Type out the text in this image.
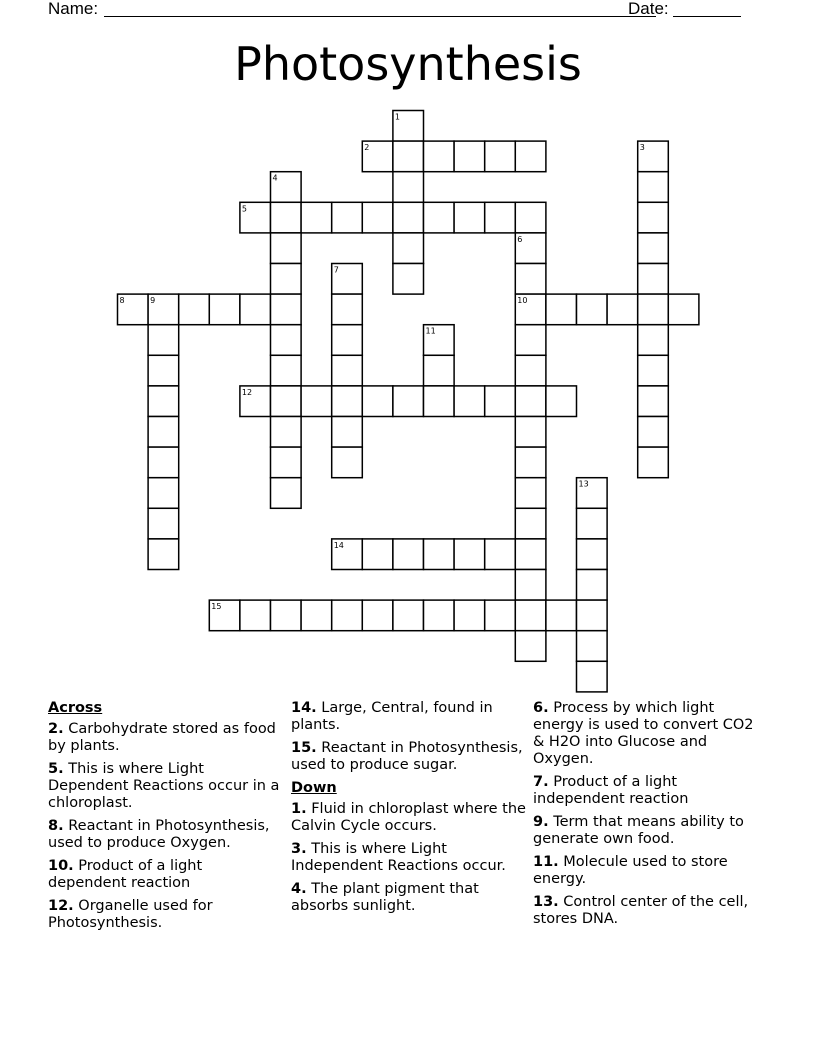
Name:	Date:
Photosynthesis
1
2	3
4
5
6
7
8	9	10
11
12
13
14
15
Across
2. Carbohydrate stored as food by plants.
5. This is where Light Dependent Reactions occur in a chloroplast.
8. Reactant in Photosynthesis, used to produce Oxygen.
10. Product of a light dependent reaction
12. Organelle used for Photosynthesis.
14. Large, Central, found in plants.
15. Reactant in Photosynthesis, used to produce sugar.
Down
1. Fluid in chloroplast where the Calvin Cycle occurs.
3. This is where Light Independent Reactions occur.
4. The plant pigment that absorbs sunlight.
6. Process by which light energy is used to convert CO2 & H2O into Glucose and Oxygen.
7. Product of a light independent reaction
9. Term that means ability to generate own food.
11. Molecule used to store energy.
13. Control center of the cell, stores DNA.
